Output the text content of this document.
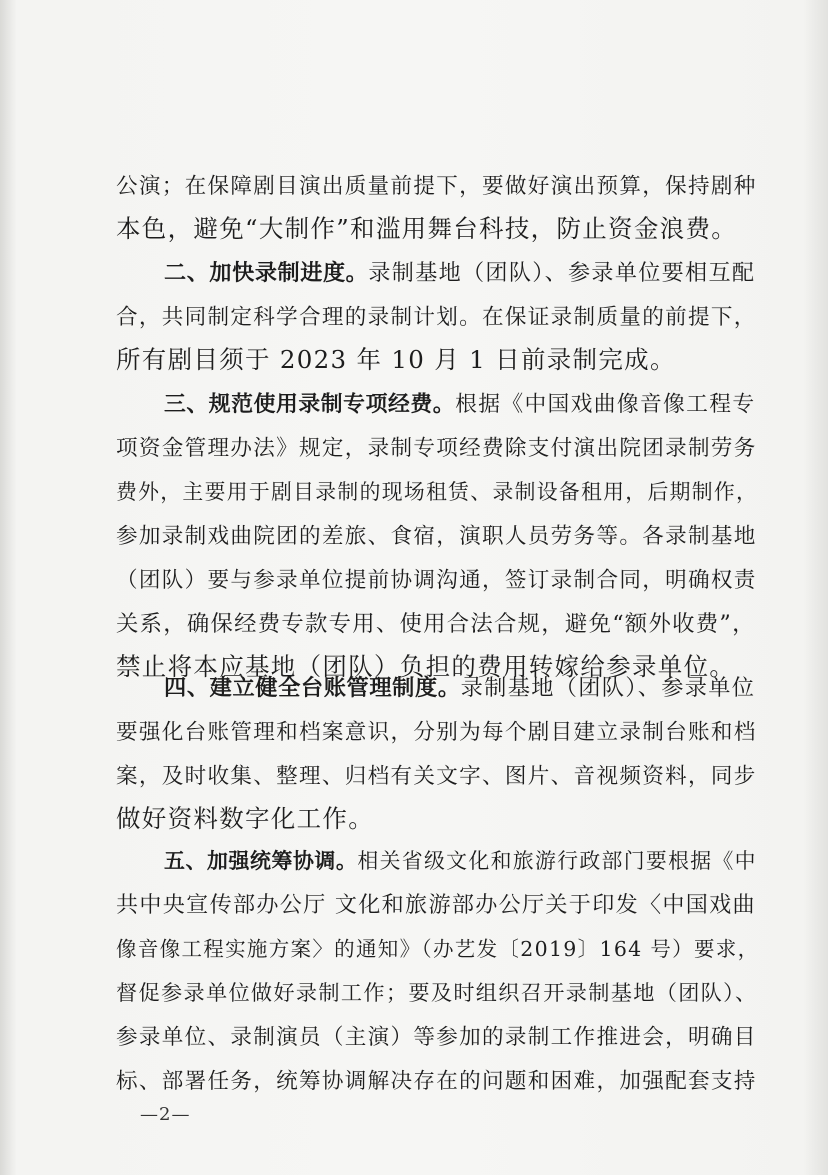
公演；在保障剧目演出质量前提下，要做好演出预算，保持剧种
本色，避免“大制作”和滥用舞台科技，防止资金浪费。
二、加快录制进度。录制基地（团队）、参录单位要相互配
合，共同制定科学合理的录制计划。在保证录制质量的前提下，
所有剧目须于 2023 年 10 月 1 日前录制完成。
三、规范使用录制专项经费。根据《中国戏曲像音像工程专
项资金管理办法》规定，录制专项经费除支付演出院团录制劳务
费外，主要用于剧目录制的现场租赁、录制设备租用，后期制作，
参加录制戏曲院团的差旅、食宿，演职人员劳务等。各录制基地
（团队）要与参录单位提前协调沟通，签订录制合同，明确权责
关系，确保经费专款专用、使用合法合规，避免“额外收费”，
禁止将本应基地（团队）负担的费用转嫁给参录单位。
四、建立健全台账管理制度。录制基地（团队）、参录单位
要强化台账管理和档案意识，分别为每个剧目建立录制台账和档
案，及时收集、整理、归档有关文字、图片、音视频资料，同步
做好资料数字化工作。
五、加强统筹协调。相关省级文化和旅游行政部门要根据《中
共中央宣传部办公厅 文化和旅游部办公厅关于印发〈中国戏曲
像音像工程实施方案〉的通知》（办艺发〔2019〕164 号）要求，
督促参录单位做好录制工作；要及时组织召开录制基地（团队）、
参录单位、录制演员（主演）等参加的录制工作推进会，明确目
标、部署任务，统筹协调解决存在的问题和困难，加强配套支持
—2—
